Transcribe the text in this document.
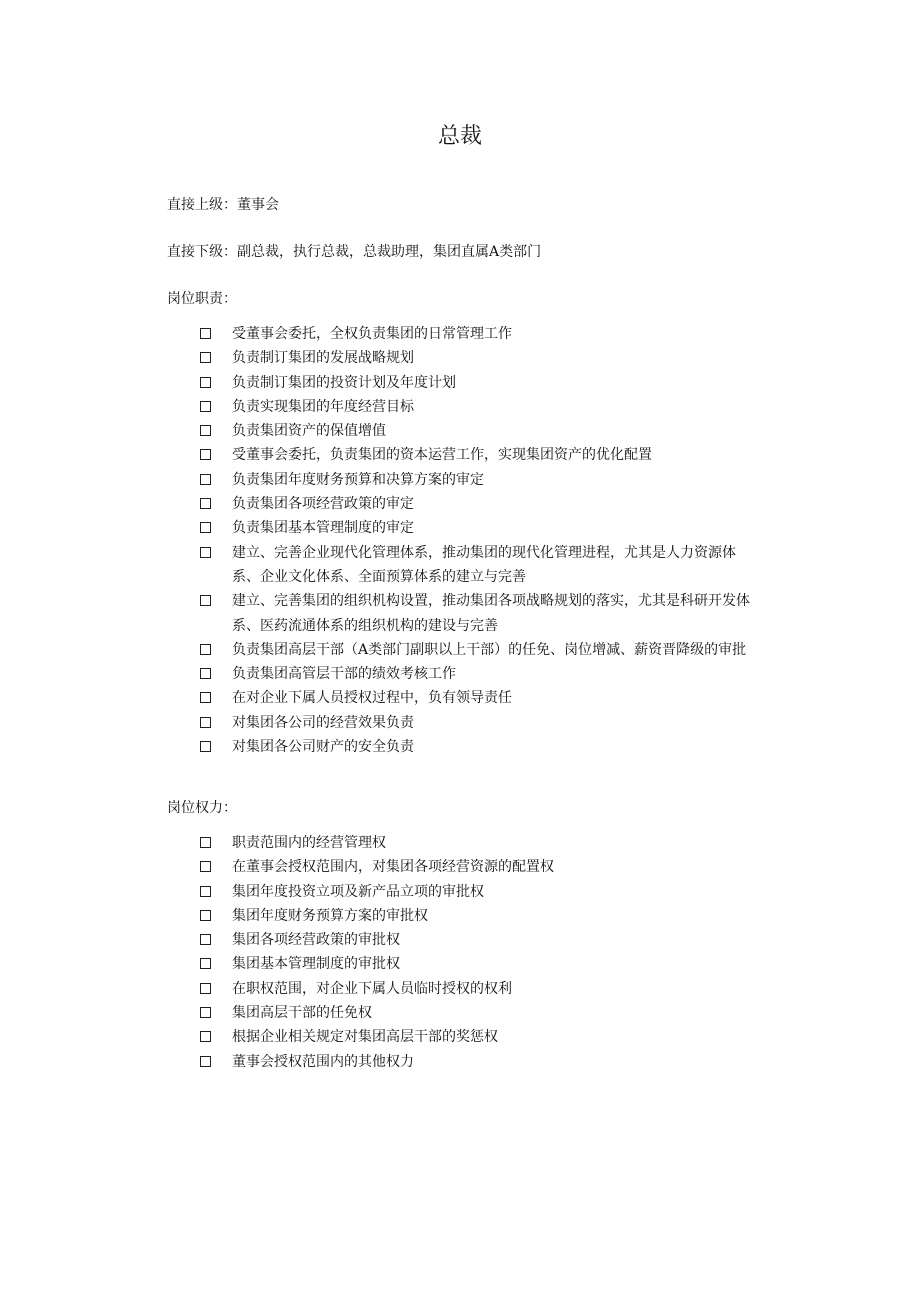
总裁
直接上级：董事会
直接下级：副总裁，执行总裁，总裁助理，集团直属A类部门
岗位职责：
受董事会委托，全权负责集团的日常管理工作
负责制订集团的发展战略规划
负责制订集团的投资计划及年度计划
负责实现集团的年度经营目标
负责集团资产的保值增值
受董事会委托，负责集团的资本运营工作，实现集团资产的优化配置
负责集团年度财务预算和决算方案的审定
负责集团各项经营政策的审定
负责集团基本管理制度的审定
建立、完善企业现代化管理体系，推动集团的现代化管理进程，尤其是人力资源体系、企业文化体系、全面预算体系的建立与完善
建立、完善集团的组织机构设置，推动集团各项战略规划的落实，尤其是科研开发体系、医药流通体系的组织机构的建设与完善
负责集团高层干部（A类部门副职以上干部）的任免、岗位增减、薪资晋降级的审批
负责集团高管层干部的绩效考核工作
在对企业下属人员授权过程中，负有领导责任
对集团各公司的经营效果负责
对集团各公司财产的安全负责
岗位权力：
职责范围内的经营管理权
在董事会授权范围内，对集团各项经营资源的配置权
集团年度投资立项及新产品立项的审批权
集团年度财务预算方案的审批权
集团各项经营政策的审批权
集团基本管理制度的审批权
在职权范围，对企业下属人员临时授权的权利
集团高层干部的任免权
根据企业相关规定对集团高层干部的奖惩权
董事会授权范围内的其他权力
